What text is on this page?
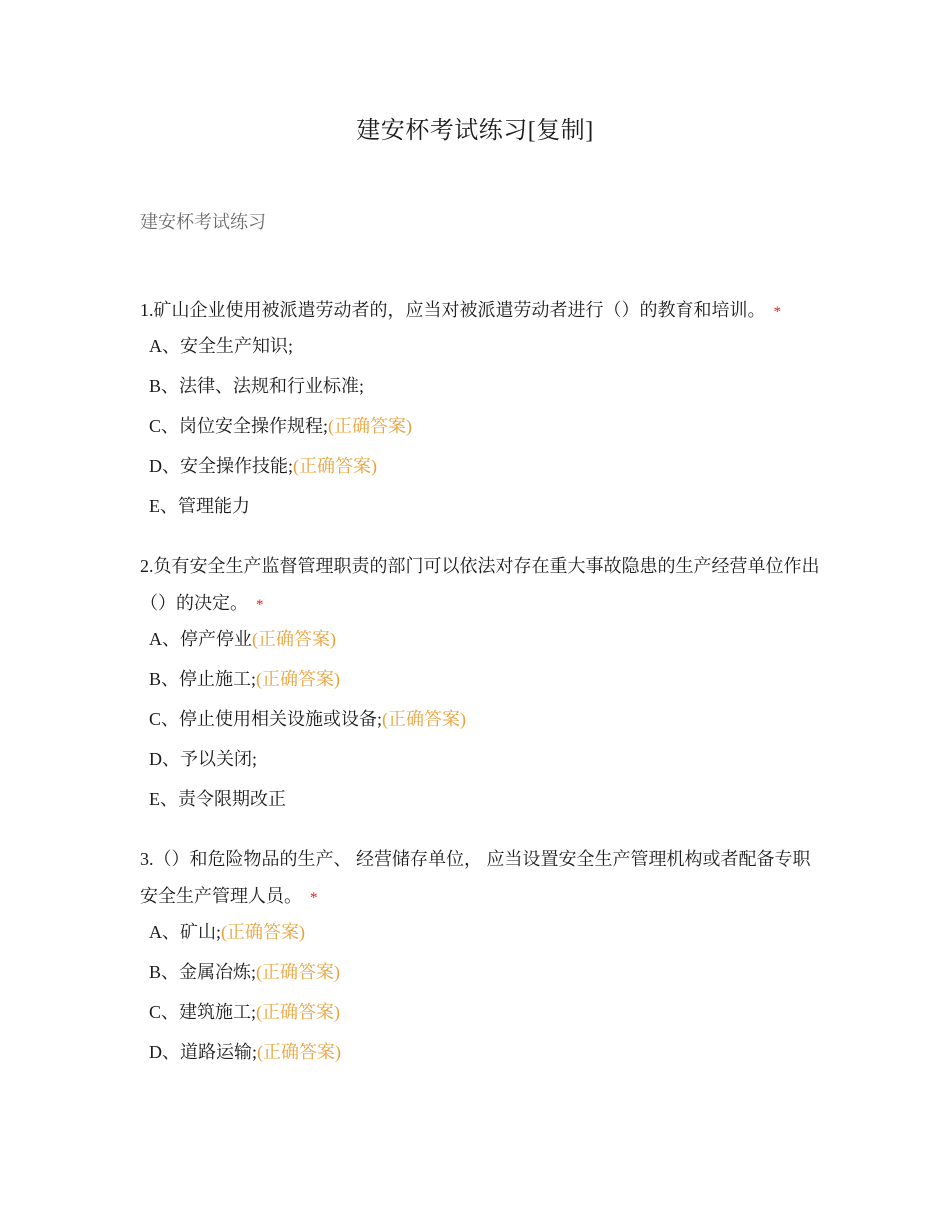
建安杯考试练习[复制]
建安杯考试练习
1.矿山企业使用被派遣劳动者的，应当对被派遣劳动者进行（）的教育和培训。 *
A、安全生产知识;
B、法律、法规和行业标准;
C、岗位安全操作规程; (正确答案)
D、安全操作技能; (正确答案)
E、管理能力
2.负有安全生产监督管理职责的部门可以依法对存在重大事故隐患的生产经营单位作出（）的决定。 *
A、停产停业 (正确答案)
B、停止施工; (正确答案)
C、停止使用相关设施或设备; (正确答案)
D、予以关闭;
E、责令限期改正
3.（）和危险物品的生产、 经营储存单位， 应当设置安全生产管理机构或者配备专职安全生产管理人员。 *
A、矿山; (正确答案)
B、金属冶炼; (正确答案)
C、建筑施工; (正确答案)
D、道路运输; (正确答案)
